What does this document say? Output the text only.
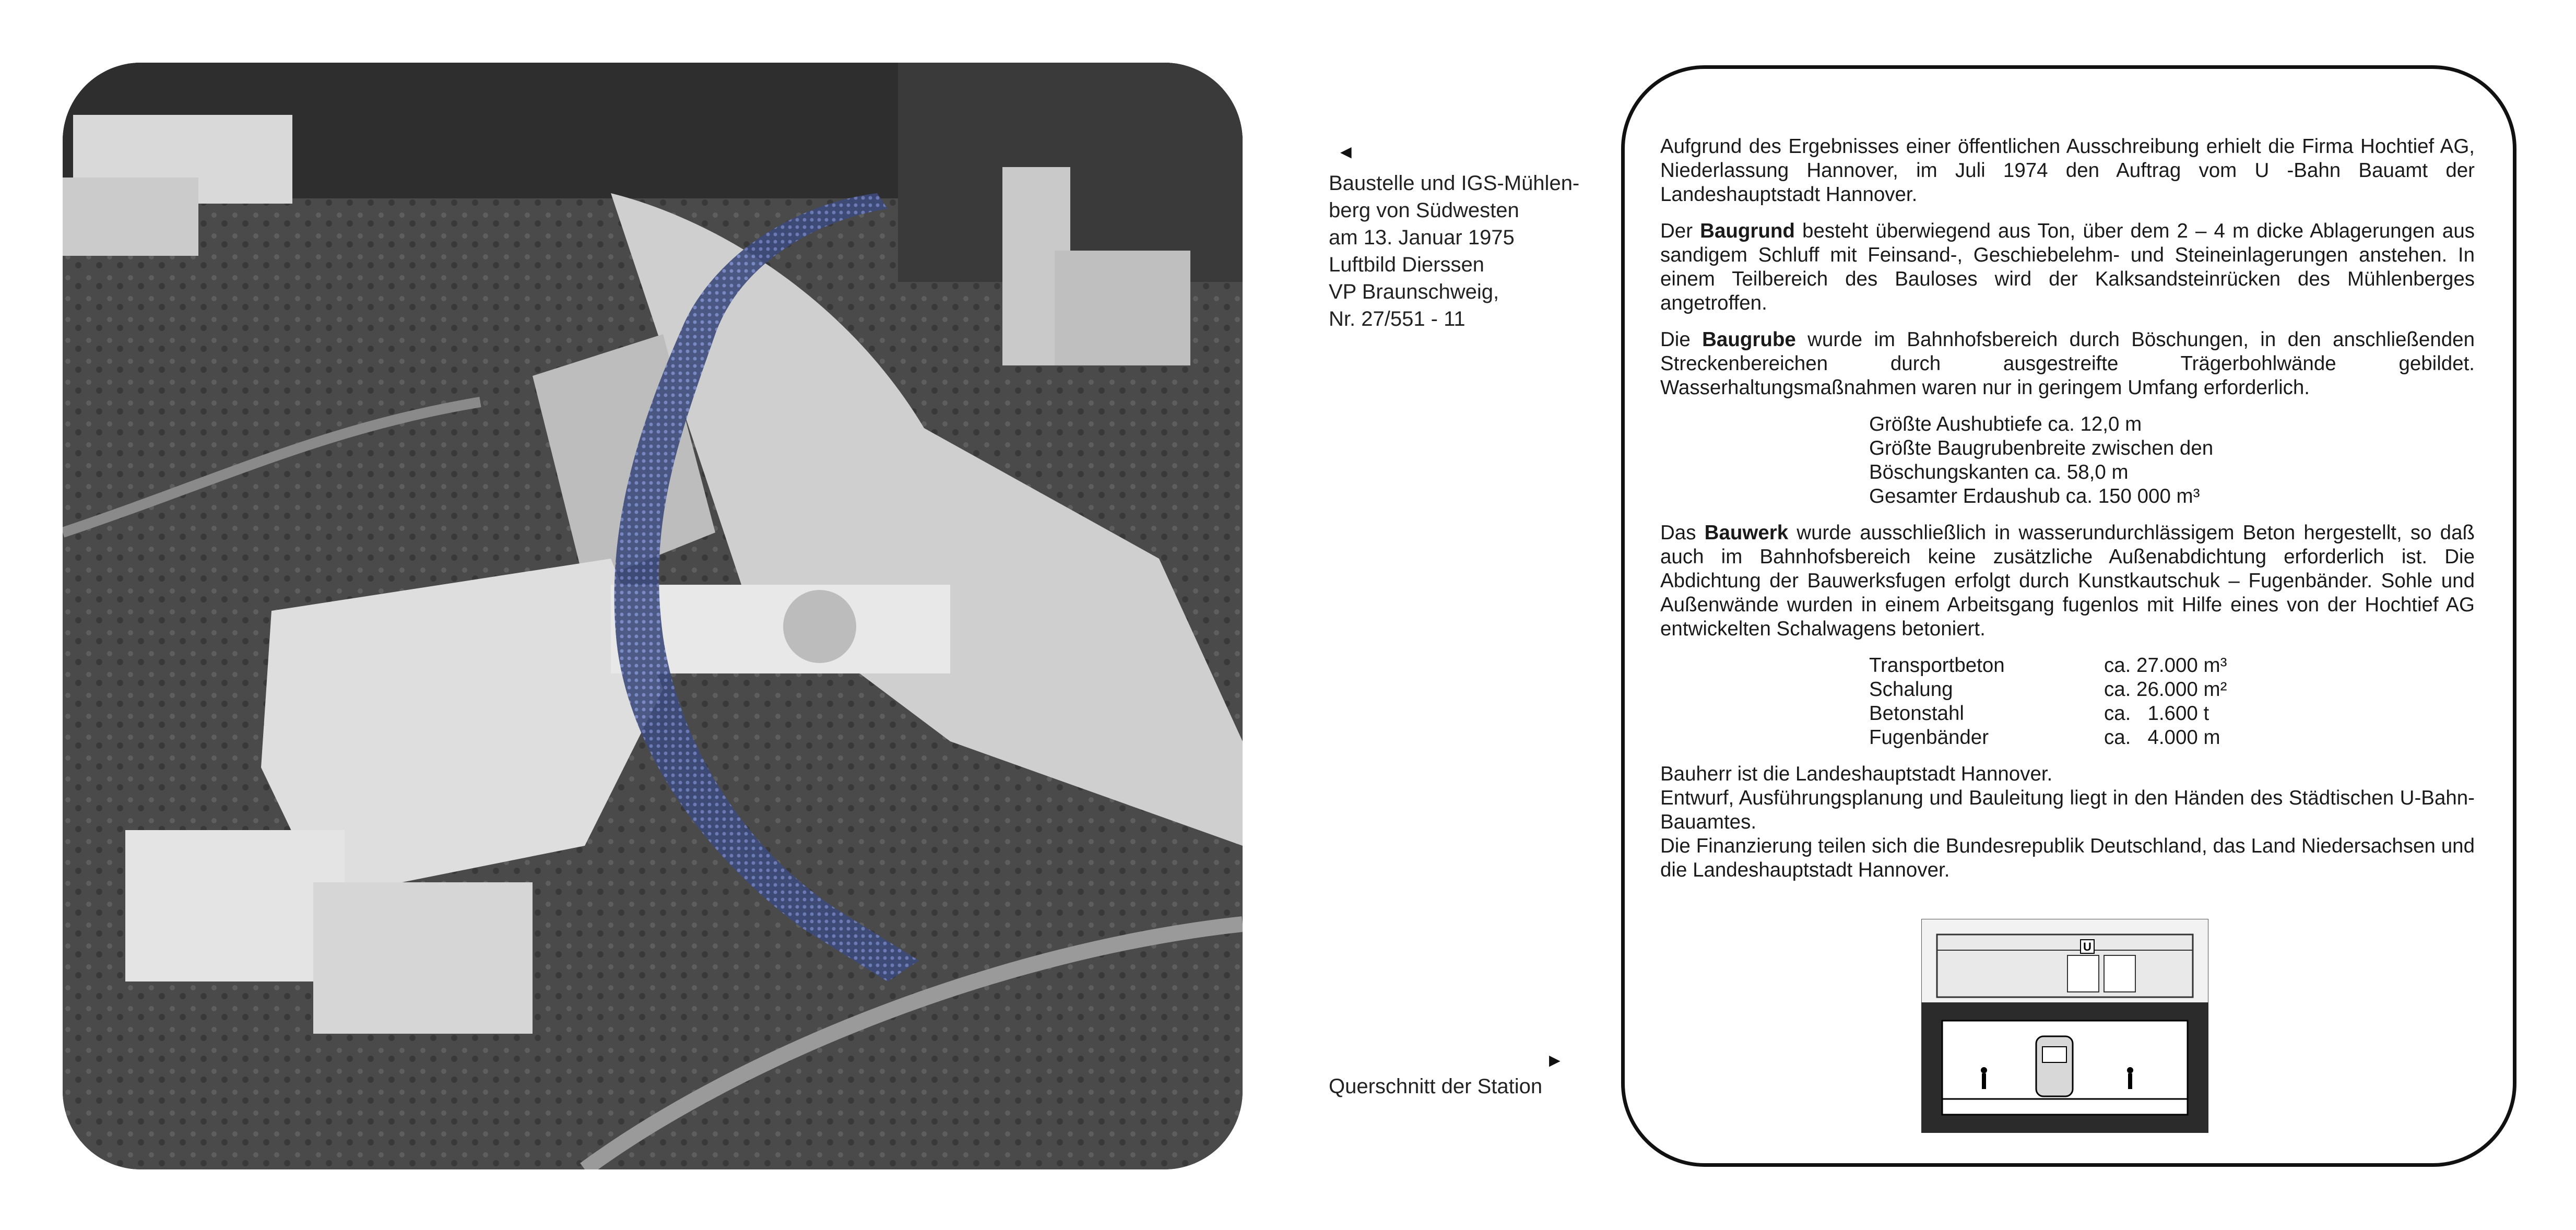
◄
Baustelle und IGS-Mühlen-
berg von Südwesten
am 13. Januar 1975
Luftbild Dierssen
VP Braunschweig,
Nr. 27/551 - 11
►
Querschnitt der Station

Aufgrund des Ergebnisses einer öffentlichen Ausschreibung erhielt die Firma Hochtief AG, Niederlassung Hannover, im Juli 1974 den Auftrag vom U -Bahn Bauamt der Landeshauptstadt Hannover.

Der Baugrund besteht überwiegend aus Ton, über dem 2 – 4 m dicke Ablagerungen aus sandigem Schluff mit Feinsand-, Geschiebelehm- und Steineinlagerungen anstehen. In einem Teilbereich des Bauloses wird der Kalksandsteinrücken des Mühlenberges angetroffen.

Die Baugrube wurde im Bahnhofsbereich durch Böschungen, in den anschließenden Streckenbereichen durch ausgestreifte Trägerbohlwände gebildet. Wasserhaltungsmaßnahmen waren nur in geringem Umfang erforderlich.

Größte Aushubtiefe ca. 12,0 m
Größte Baugrubenbreite zwischen den
Böschungskanten ca. 58,0 m
Gesamter Erdaushub ca. 150 000 m³

Das Bauwerk wurde ausschließlich in wasserundurchlässigem Beton hergestellt, so daß auch im Bahnhofsbereich keine zusätzliche Außenabdichtung erforderlich ist. Die Abdichtung der Bauwerksfugen erfolgt durch Kunstkautschuk – Fugenbänder. Sohle und Außenwände wurden in einem Arbeitsgang fugenlos mit Hilfe eines von der Hochtief AG entwickelten Schalwagens betoniert.

Transportbeton	ca. 27.000 m³
Schalung	ca. 26.000 m²
Betonstahl	ca.   1.600 t
Fugenbänder	ca.   4.000 m

Bauherr ist die Landeshauptstadt Hannover.

Entwurf, Ausführungsplanung und Bauleitung liegt in den Händen des Städtischen U-Bahn-Bauamtes.

Die Finanzierung teilen sich die Bundesrepublik Deutschland, das Land Niedersachsen und die Landeshauptstadt Hannover.

U
